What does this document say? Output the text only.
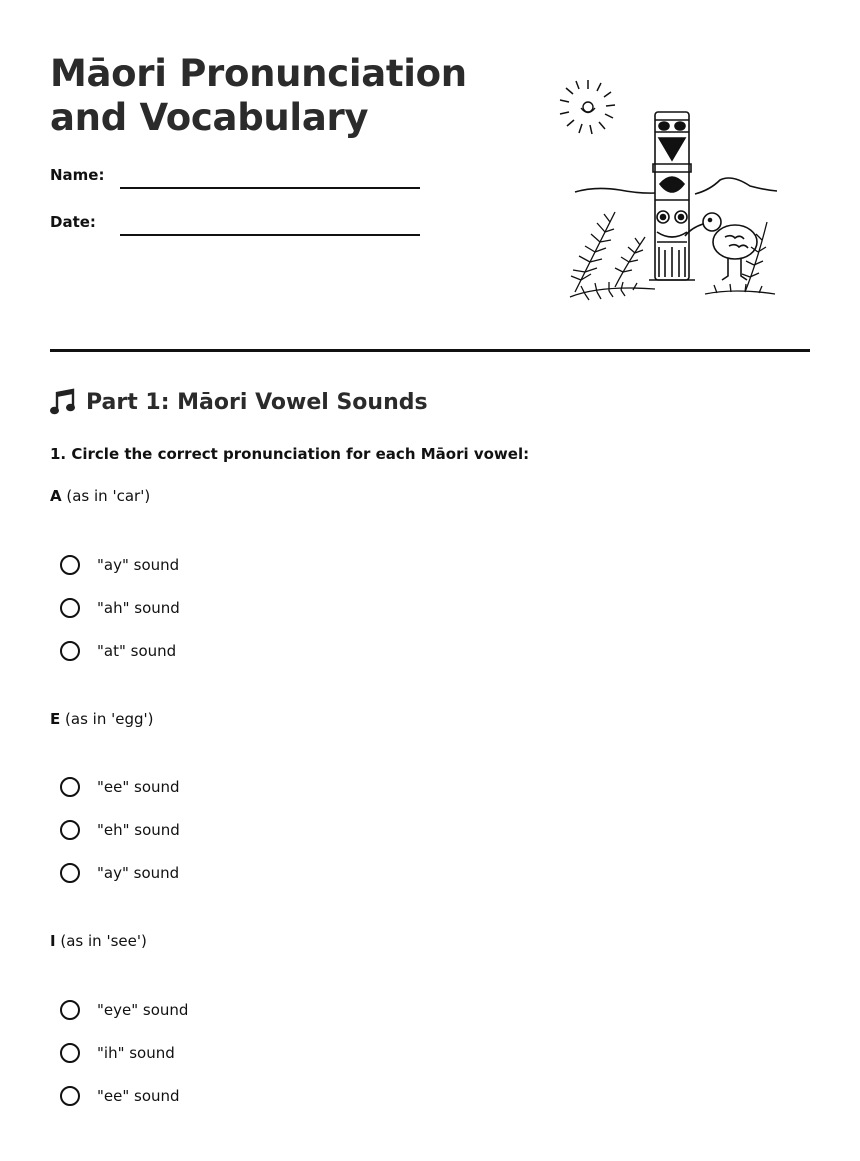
Māori Pronunciation
and Vocabulary
Name:
Date:
Part 1: Māori Vowel Sounds
1. Circle the correct pronunciation for each Māori vowel:
A (as in 'car')
"ay" sound
"ah" sound
"at" sound
E (as in 'egg')
"ee" sound
"eh" sound
"ay" sound
I (as in 'see')
"eye" sound
"ih" sound
"ee" sound
